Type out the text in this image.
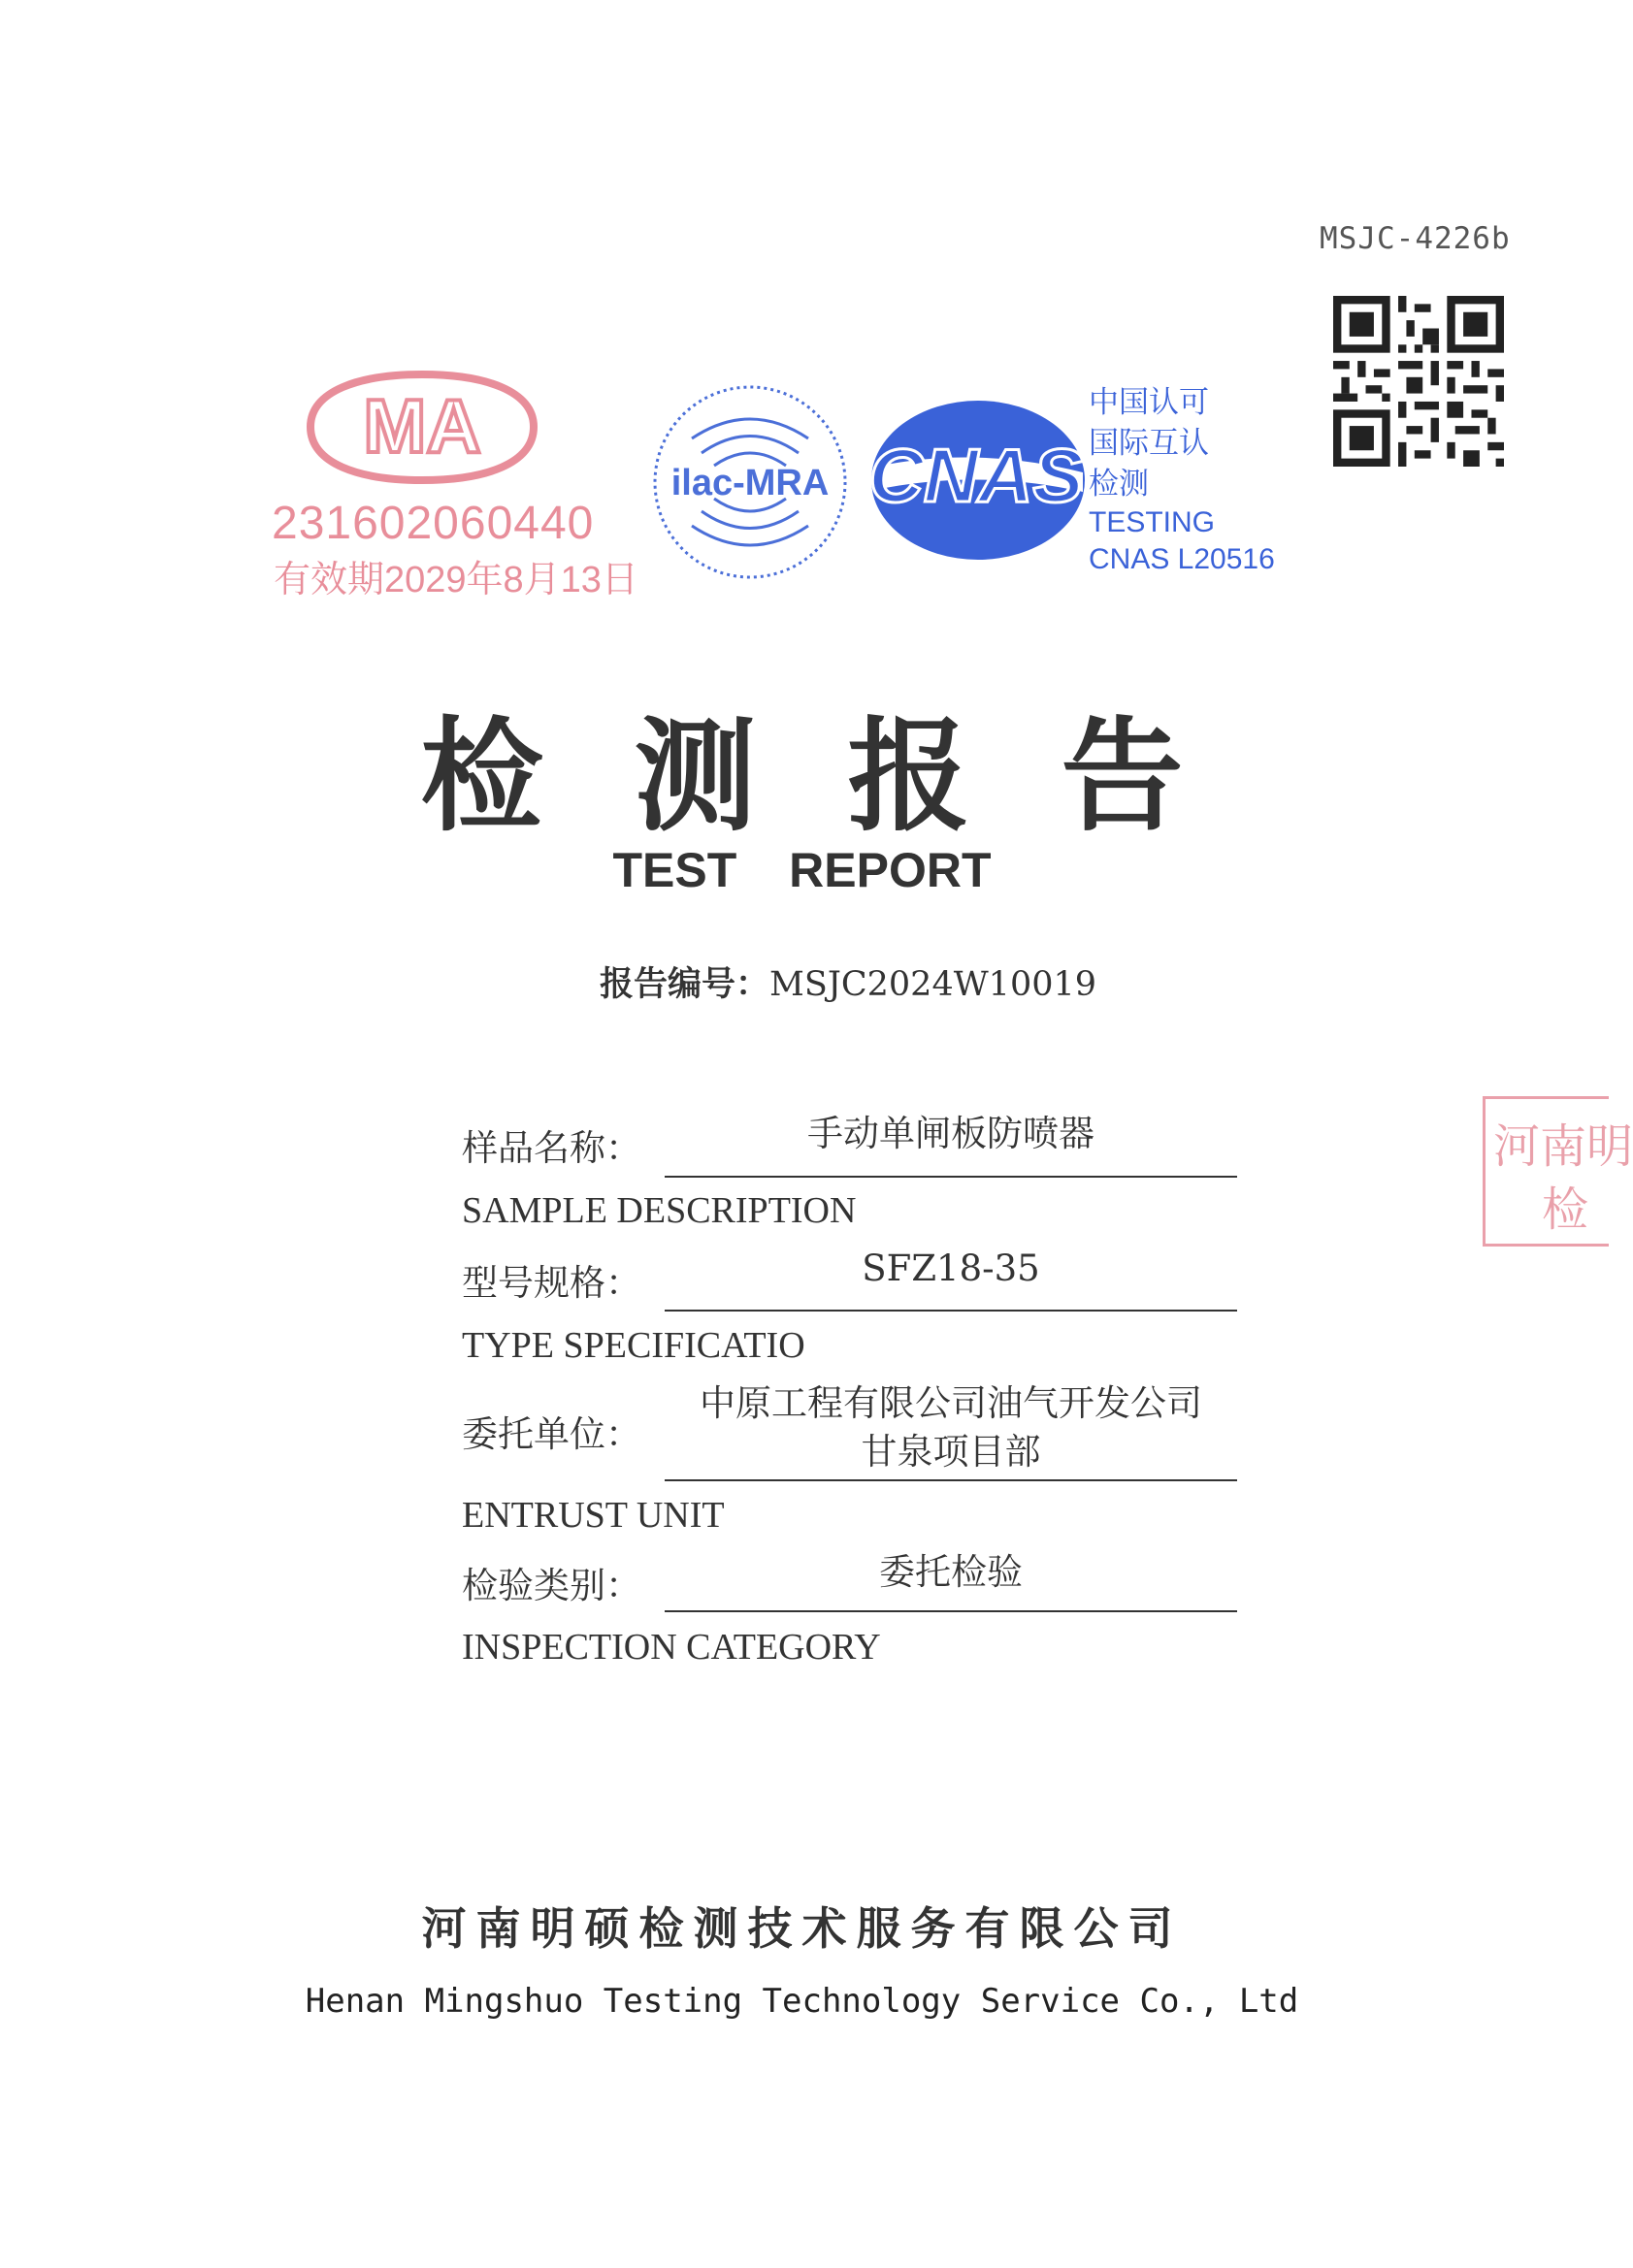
MSJC-4226b
MA
231602060440
有效期2029年8月13日
ilac-MRA CNAS
中国认可
国际互认
检测
TESTING
CNAS L20516
检测报告
TEST REPORT
报告编号：MSJC2024W10019
样品名称：	手动单闸板防喷器
SAMPLE DESCRIPTION
型号规格：	SFZ18-35
TYPE SPECIFICATIO
委托单位：
中原工程有限公司油气开发公司
甘泉项目部
ENTRUST UNIT
检验类别：	委托检验
INSPECTION CATEGORY
河南明
检
河南明硕检测技术服务有限公司
Henan Mingshuo Testing Technology Service Co., Ltd
